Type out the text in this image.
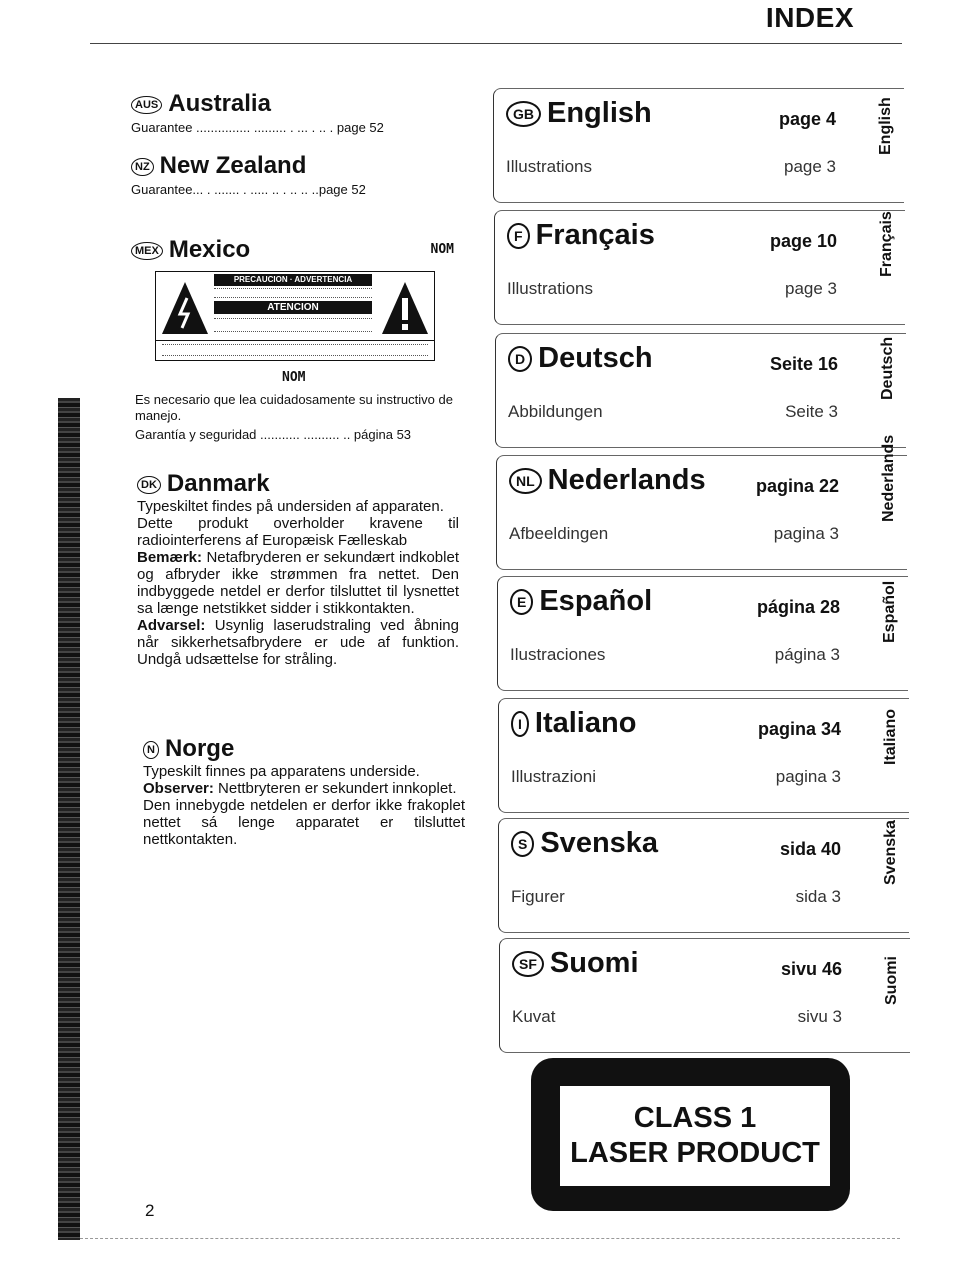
INDEX
AUS Australia
Guarantee ............... ......... . ... . .. . page 52
NZ New Zealand
Guarantee... . ....... . ..... .. . .. .. ..page 52
MEX Mexico	NOM
PRECAUCION · ADVERTENCIA
ATENCION
NOM
Es necesario que lea cuidadosamente su instructivo de manejo.
Garantía y seguridad ........... .......... .. página 53
DK Danmark
Typeskiltet findes på undersiden af apparaten.
Dette produkt overholder kravene til radiointerferens af Europæisk Fælleskab
Bemærk: Netafbryderen er sekundært indkoblet og afbryder ikke strømmen fra nettet. Den indbyggede netdel er derfor tilsluttet til lysnettet sa længe netstikket sidder i stikkontakten.
Advarsel: Usynlig laserudstraling ved åbning når sikkerhetsafbrydere er ude af funktion. Undgå udsættelse for stråling.
N Norge
Typeskilt finnes pa apparatens underside.
Observer: Nettbryteren er sekundert innkoplet.
Den innebygde netdelen er derfor ikke frakoplet nettet sá lenge apparatet er tilsluttet nettkontakten.
2
GB English	page 4
Illustrations	page 3
English
F Français	page 10
Illustrations	page 3
Français
D Deutsch	Seite 16
Abbildungen	Seite 3
Deutsch
NL Nederlands	pagina 22
Afbeeldingen	pagina 3
Nederlands
E Español	página 28
Ilustraciones	página 3
Español
I Italiano	pagina 34
Illustrazioni	pagina 3
Italiano
S Svenska	sida 40
Figurer	sida 3
Svenska
SF Suomi	sivu 46
Kuvat	sivu 3
Suomi
CLASS 1
LASER PRODUCT
